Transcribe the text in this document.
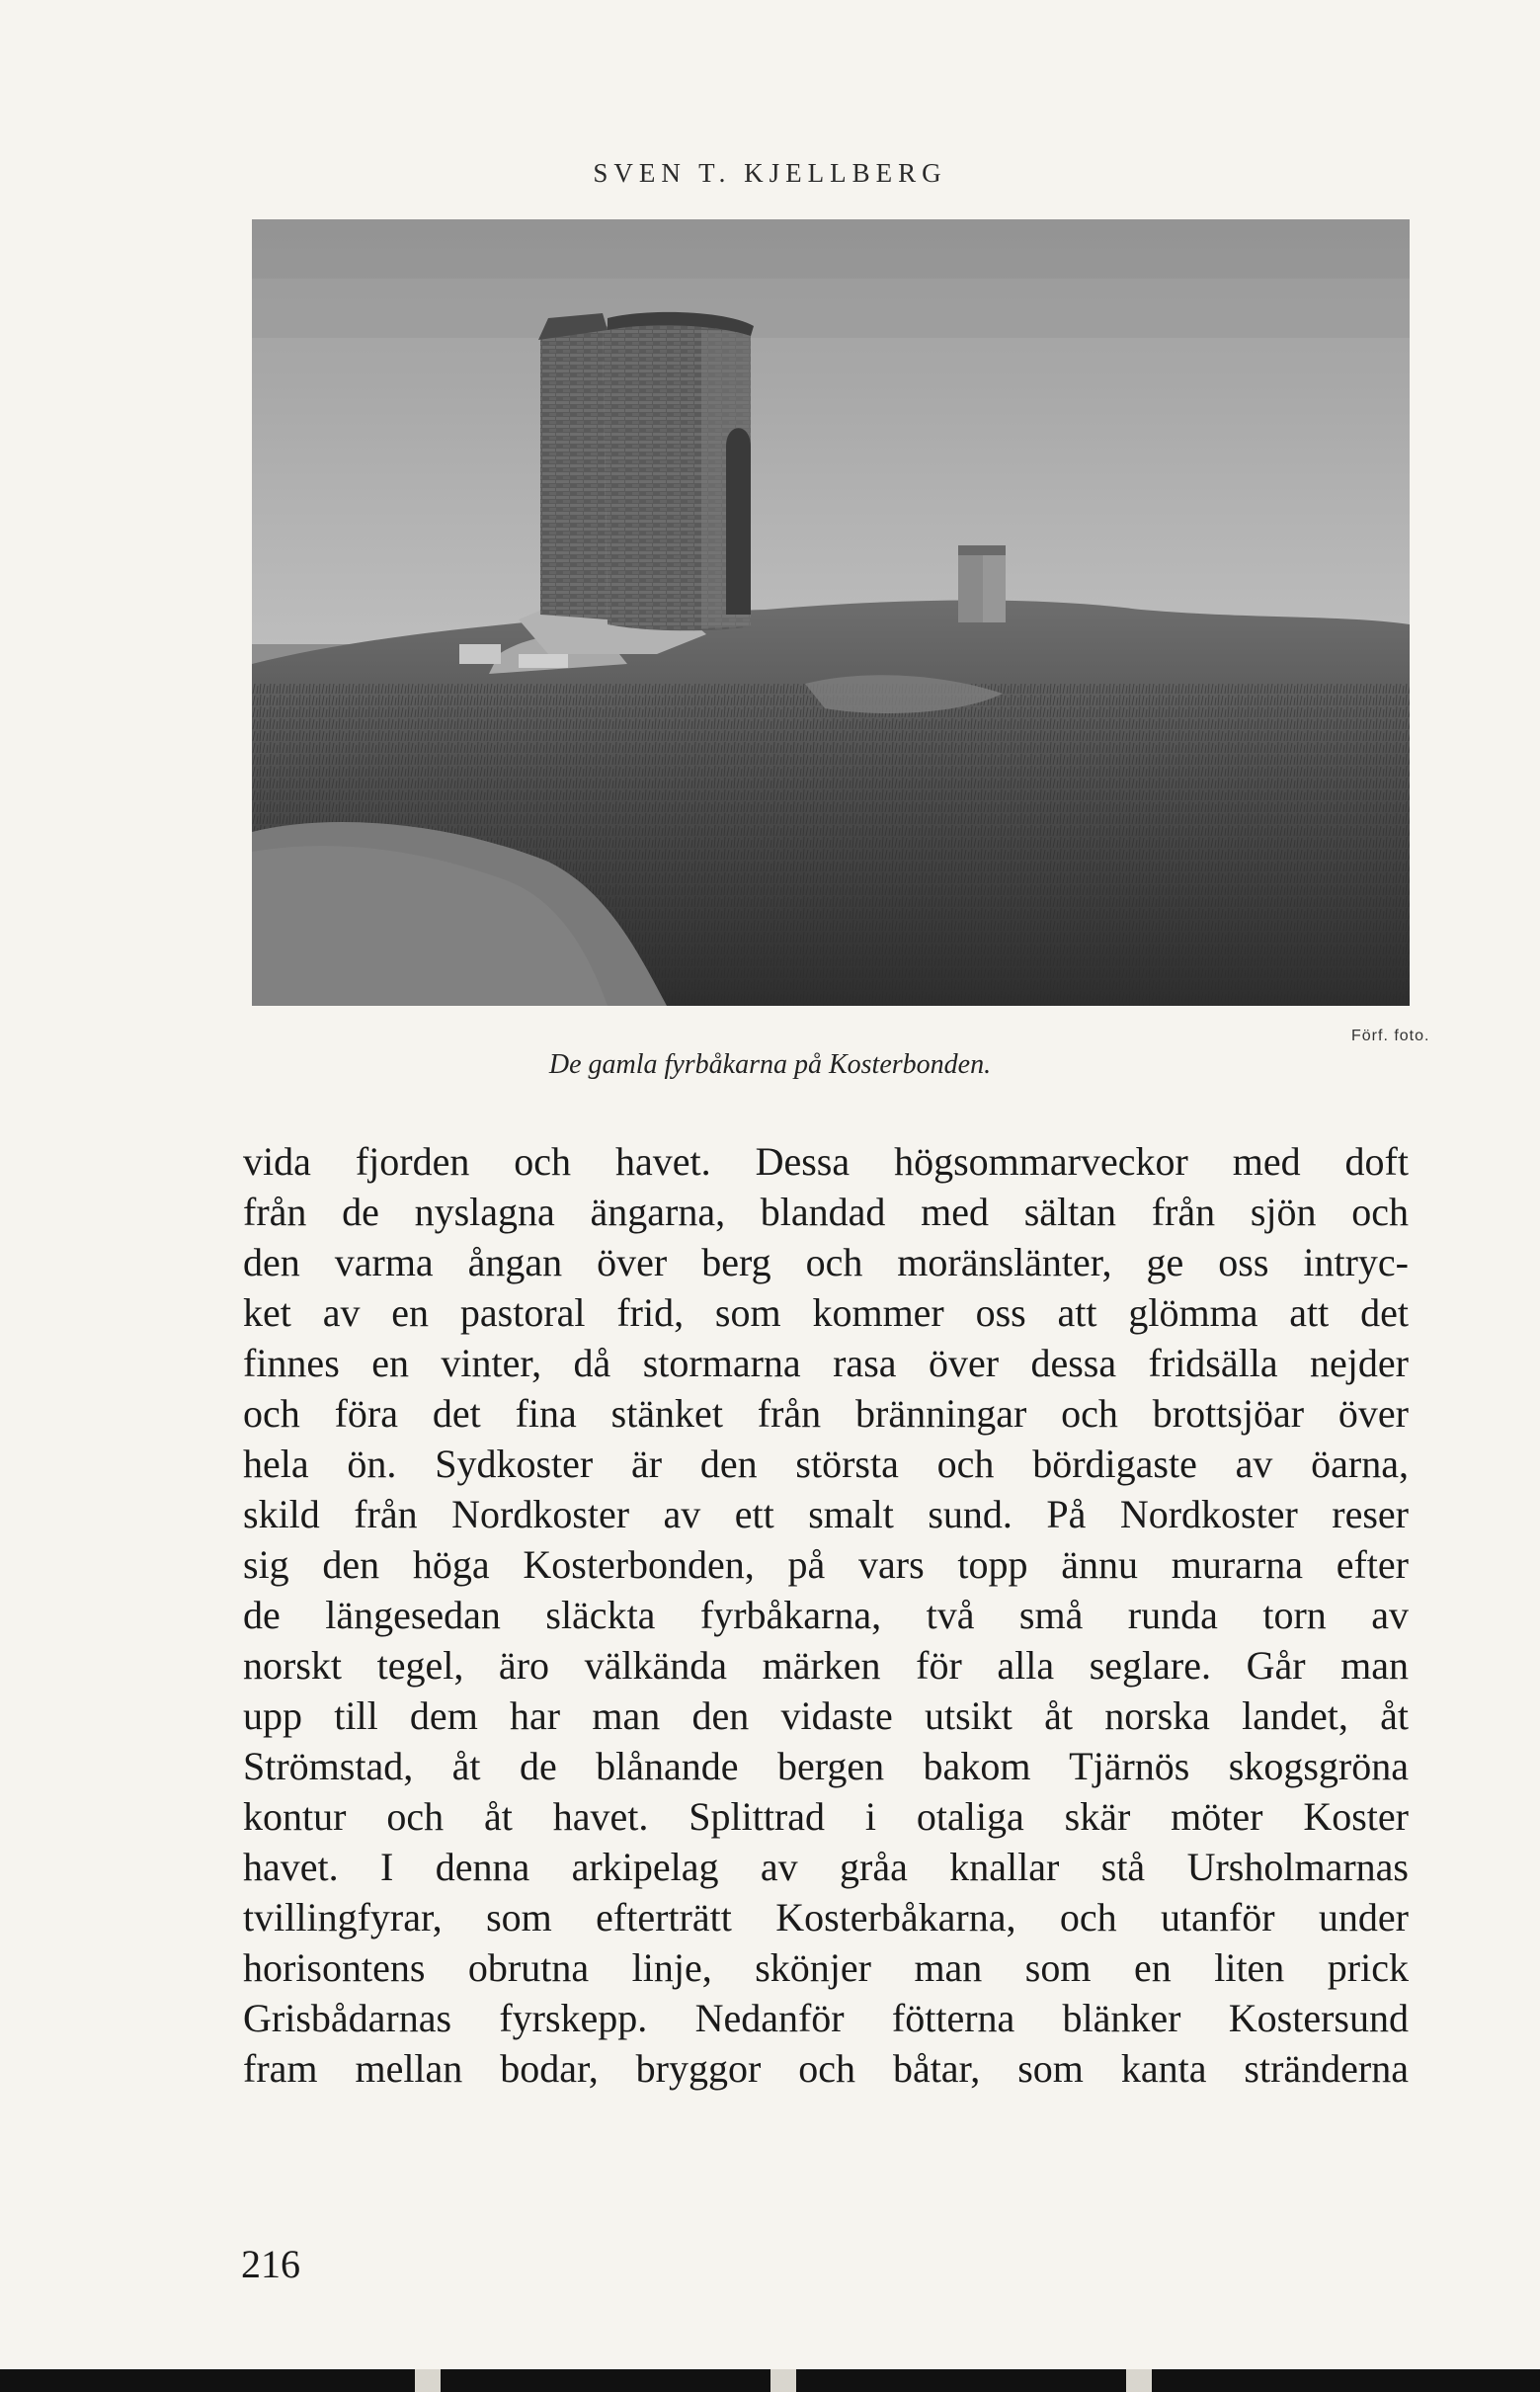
SVEN T. KJELLBERG
Förf. foto.
De gamla fyrbåkarna på Kosterbonden.
vida fjorden och havet. Dessa högsommarveckor med doft
från de nyslagna ängarna, blandad med sältan från sjön och
den varma ångan över berg och moränslänter, ge oss intryc-
ket av en pastoral frid, som kommer oss att glömma att det
finnes en vinter, då stormarna rasa över dessa fridsälla nejder
och föra det fina stänket från bränningar och brottsjöar över
hela ön. Sydkoster är den största och bördigaste av öarna,
skild från Nordkoster av ett smalt sund. På Nordkoster reser
sig den höga Kosterbonden, på vars topp ännu murarna efter
de längesedan släckta fyrbåkarna, två små runda torn av
norskt tegel, äro välkända märken för alla seglare. Går man
upp till dem har man den vidaste utsikt åt norska landet, åt
Strömstad, åt de blånande bergen bakom Tjärnös skogsgröna
kontur och åt havet. Splittrad i otaliga skär möter Koster
havet. I denna arkipelag av gråa knallar stå Ursholmarnas
tvillingfyrar, som efterträtt Kosterbåkarna, och utanför under
horisontens obrutna linje, skönjer man som en liten prick
Grisbådarnas fyrskepp. Nedanför fötterna blänker Kostersund
fram mellan bodar, bryggor och båtar, som kanta stränderna
216
